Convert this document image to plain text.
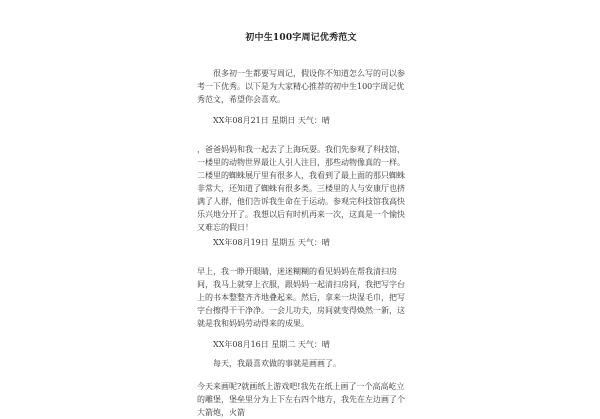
初中生100字周记优秀范文

很多初一生都要写周记，假设你不知道怎么写的可以参考一下优秀。以下是为大家精心推荐的初中生100字周记优秀范文，希望你会喜欢。

XX年08月21日 星期日 天气：晴

，爸爸妈妈和我一起去了上海玩耍。我们先参观了科技馆，一楼里的动物世界最让人引人注目，那些动物像真的一样。二楼里的蜘蛛展厅里有很多人，我看到了最上面的那只蜘蛛非常大，还知道了蜘蛛有很多类。三楼里的人与安康厅也挤满了人群，他们告诉我生命在于运动。参观完科技馆我高快乐兴地分开了。我想以后有时机再来一次，这真是一个愉快又难忘的假日！

XX年08月19日 星期五 天气：晴

早上，我一睁开眼睛，迷迷糊糊的看见妈妈在帮我清扫房间，我马上就穿上衣服，跟妈妈一起清扫房间，我把写字台上的书本整整齐齐地叠起来。然后，拿来一块湿毛巾，把写字台擦得干干净净。一会儿功夫，房间就变得焕然一新，这就是我和妈妈劳动得来的成果。

XX年08月16日 星期二 天气：晴

每天，我最喜欢做的事就是画画了。

今天来画呢?就画纸上游戏吧!我先在纸上画了一个高高屹立的雕堡，堡垒里分为上下左右四个地方，我先在左边画了个大箭炮，火箭
